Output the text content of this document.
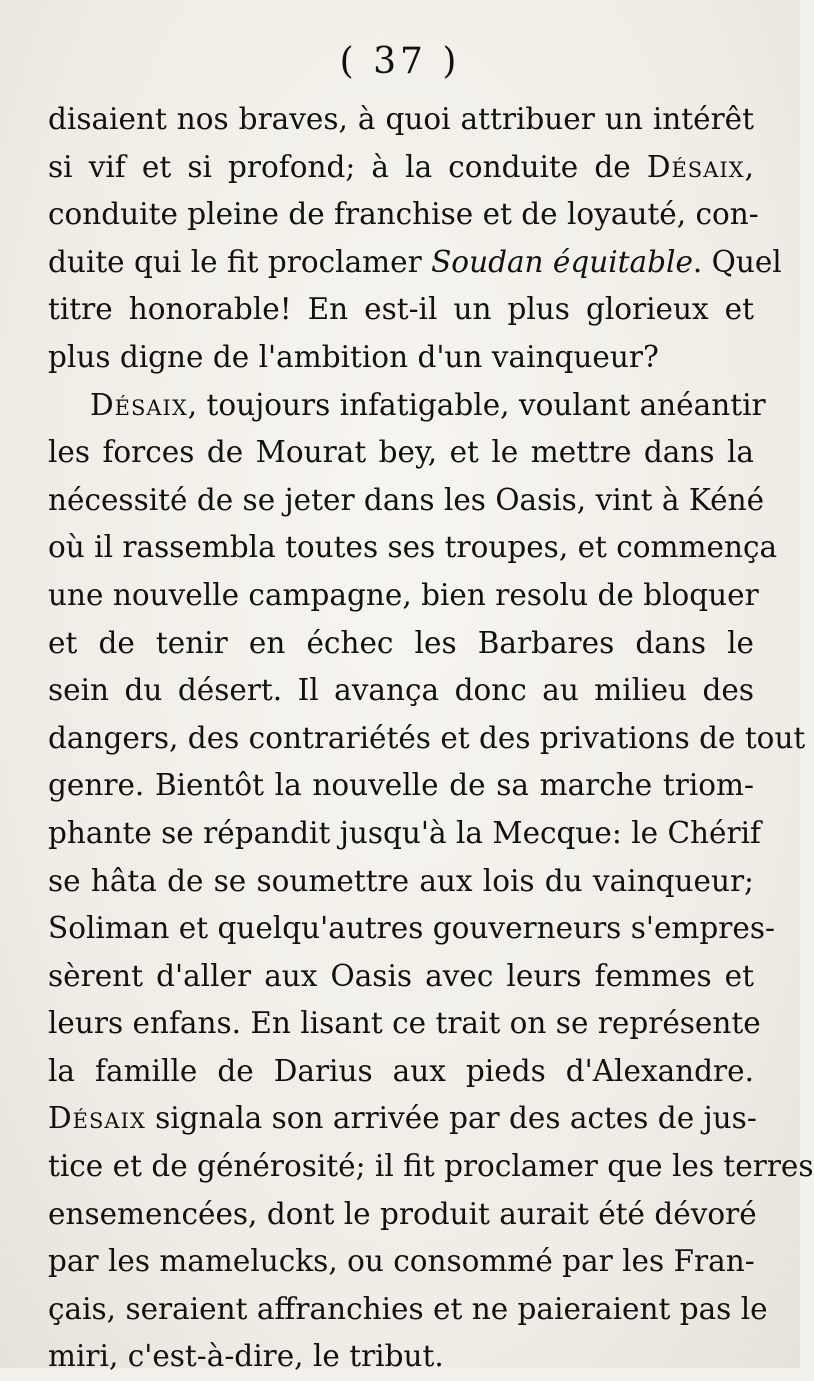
( 37 )
disaient nos braves, à quoi attribuer un intérêt
si vif et si profond; à la conduite de Désaix,
conduite pleine de franchise et de loyauté, con-
duite qui le fit proclamer Soudan équitable. Quel
titre honorable! En est-il un plus glorieux et
plus digne de l'ambition d'un vainqueur?
Désaix, toujours infatigable, voulant anéantir
les forces de Mourat bey, et le mettre dans la
nécessité de se jeter dans les Oasis, vint à Kéné
où il rassembla toutes ses troupes, et commença
une nouvelle campagne, bien resolu de bloquer
et de tenir en échec les Barbares dans le
sein du désert. Il avança donc au milieu des
dangers, des contrariétés et des privations de tout
genre. Bientôt la nouvelle de sa marche triom-
phante se répandit jusqu'à la Mecque: le Chérif
se hâta de se soumettre aux lois du vainqueur;
Soliman et quelqu'autres gouverneurs s'empres-
sèrent d'aller aux Oasis avec leurs femmes et
leurs enfans. En lisant ce trait on se représente
la famille de Darius aux pieds d'Alexandre.
Désaix signala son arrivée par des actes de jus-
tice et de générosité; il fit proclamer que les terres
ensemencées, dont le produit aurait été dévoré
par les mamelucks, ou consommé par les Fran-
çais, seraient affranchies et ne paieraient pas le
miri, c'est-à-dire, le tribut.
